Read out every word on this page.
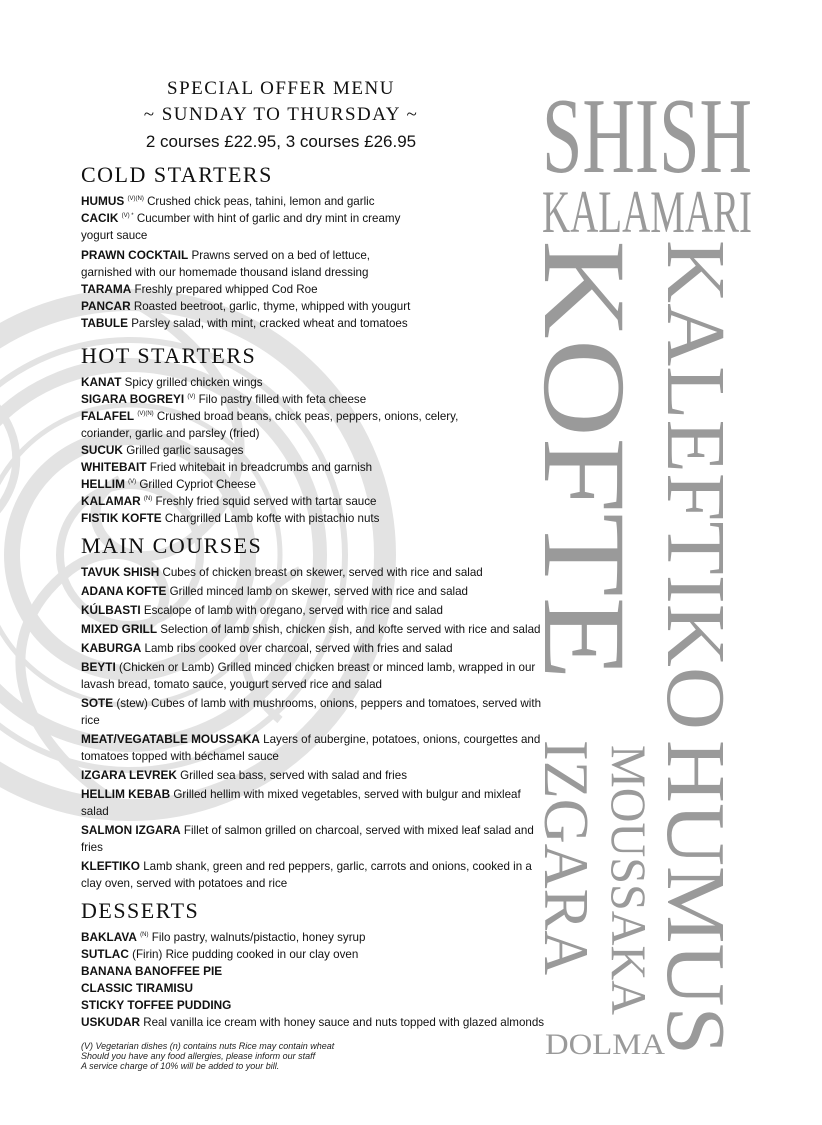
SPECIAL OFFER MENU
~ SUNDAY TO THURSDAY ~
2 courses £22.95, 3 courses £26.95
COLD STARTERS
HUMUS $^{(V)(N)}$ Crushed chick peas, tahini, lemon and garlic
CACIK $^{(V) *}$ Cucumber with hint of garlic and dry mint in creamy yogurt sauce
PRAWN COCKTAIL Prawns served on a bed of lettuce, garnished with our homemade thousand island dressing
TARAMA Freshly prepared whipped Cod Roe
PANCAR Roasted beetroot, garlic, thyme, whipped with yougurt
TABULE Parsley salad, with mint, cracked wheat and tomatoes
HOT STARTERS
KANAT Spicy grilled chicken wings
SIGARA BOGREYI $^{(V)}$ Filo pastry filled with feta cheese
FALAFEL $^{(V)(N)}$ Crushed broad beans, chick peas, peppers, onions, celery, coriander, garlic and parsley (fried)
SUCUK Grilled garlic sausages
WHITEBAIT Fried whitebait in breadcrumbs and garnish
HELLIM $^{(V)}$ Grilled Cypriot Cheese
KALAMAR $^{(N)}$ Freshly fried squid served with tartar sauce
FISTIK KOFTE Chargrilled Lamb kofte with pistachio nuts
MAIN COURSES
TAVUK SHISH Cubes of chicken breast on skewer, served with rice and salad
ADANA KOFTE Grilled minced lamb on skewer, served with rice and salad
KÚLBASTI Escalope of lamb with oregano, served with rice and salad
MIXED GRILL Selection of lamb shish, chicken sish, and kofte served with rice and salad
KABURGA Lamb ribs cooked over charcoal, served with fries and salad
BEYTI (Chicken or Lamb) Grilled minced chicken breast or minced lamb, wrapped in our lavash bread, tomato sauce, yougurt served rice and salad
SOTE (stew) Cubes of lamb with mushrooms, onions, peppers and tomatoes, served with rice
MEAT/VEGATABLE MOUSSAKA Layers of aubergine, potatoes, onions, courgettes and tomatoes topped with béchamel sauce
IZGARA LEVREK Grilled sea bass, served with salad and fries
HELLIM KEBAB Grilled hellim with mixed vegetables, served with bulgur and mixleaf salad
SALMON IZGARA Fillet of salmon grilled on charcoal, served with mixed leaf salad and fries
KLEFTIKO Lamb shank, green and red peppers, garlic, carrots and onions, cooked in a clay oven, served with potatoes and rice
DESSERTS
BAKLAVA $^{(N)}$ Filo pastry, walnuts/pistactio, honey syrup
SUTLAC (Firin) Rice pudding cooked in our clay oven
BANANA BANOFFEE PIE
CLASSIC TIRAMISU
STICKY TOFFEE PUDDING
USKUDAR Real vanilla ice cream with honey sauce and nuts topped with glazed almonds
(V) Vegetarian dishes (n) contains nuts Rice may contain wheat
Should you have any food allergies, please inform our staff
A service charge of 10% will be added to your bill.
SHISH
KALAMARI
KOFTE KALEFTIKO
HUMUS
IZGARA MOUSSAKA
DOLMA
